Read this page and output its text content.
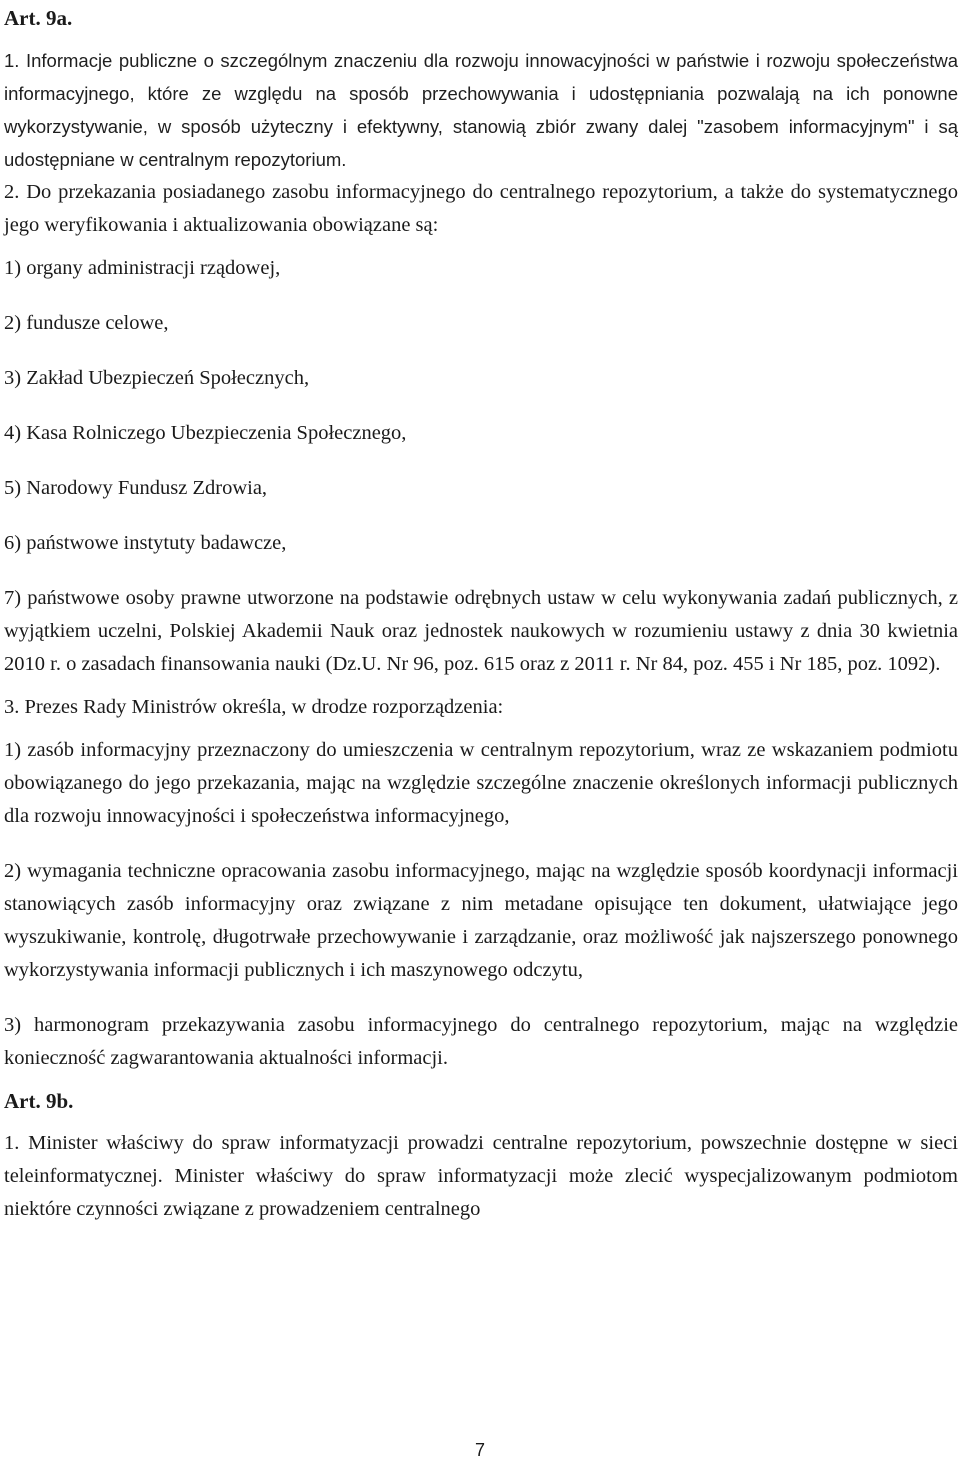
Art. 9a.

1. Informacje publiczne o szczególnym znaczeniu dla rozwoju innowacyjności w państwie i rozwoju społeczeństwa informacyjnego, które ze względu na sposób przechowywania i udostępniania pozwalają na ich ponowne wykorzystywanie, w sposób użyteczny i efektywny, stanowią zbiór zwany dalej "zasobem informacyjnym" i są udostępniane w centralnym repozytorium.

2. Do przekazania posiadanego zasobu informacyjnego do centralnego repozytorium, a także do systematycznego jego weryfikowania i aktualizowania obowiązane są:

1) organy administracji rządowej,

2) fundusze celowe,

3) Zakład Ubezpieczeń Społecznych,

4) Kasa Rolniczego Ubezpieczenia Społecznego,

5) Narodowy Fundusz Zdrowia,

6) państwowe instytuty badawcze,

7) państwowe osoby prawne utworzone na podstawie odrębnych ustaw w celu wykonywania zadań publicznych, z wyjątkiem uczelni, Polskiej Akademii Nauk oraz jednostek naukowych w rozumieniu ustawy z dnia 30 kwietnia 2010 r. o zasadach finansowania nauki (Dz.U. Nr 96, poz. 615 oraz z 2011 r. Nr 84, poz. 455 i Nr 185, poz. 1092).

3. Prezes Rady Ministrów określa, w drodze rozporządzenia:

1) zasób informacyjny przeznaczony do umieszczenia w centralnym repozytorium, wraz ze wskazaniem podmiotu obowiązanego do jego przekazania, mając na względzie szczególne znaczenie określonych informacji publicznych dla rozwoju innowacyjności i społeczeństwa informacyjnego,

2) wymagania techniczne opracowania zasobu informacyjnego, mając na względzie sposób koordynacji informacji stanowiących zasób informacyjny oraz związane z nim metadane opisujące ten dokument, ułatwiające jego wyszukiwanie, kontrolę, długotrwałe przechowywanie i zarządzanie, oraz możliwość jak najszerszego ponownego wykorzystywania informacji publicznych i ich maszynowego odczytu,

3) harmonogram przekazywania zasobu informacyjnego do centralnego repozytorium, mając na względzie konieczność zagwarantowania aktualności informacji.

Art. 9b.

1. Minister właściwy do spraw informatyzacji prowadzi centralne repozytorium, powszechnie dostępne w sieci teleinformatycznej. Minister właściwy do spraw informatyzacji może zlecić wyspecjalizowanym podmiotom niektóre czynności związane z prowadzeniem centralnego

7
